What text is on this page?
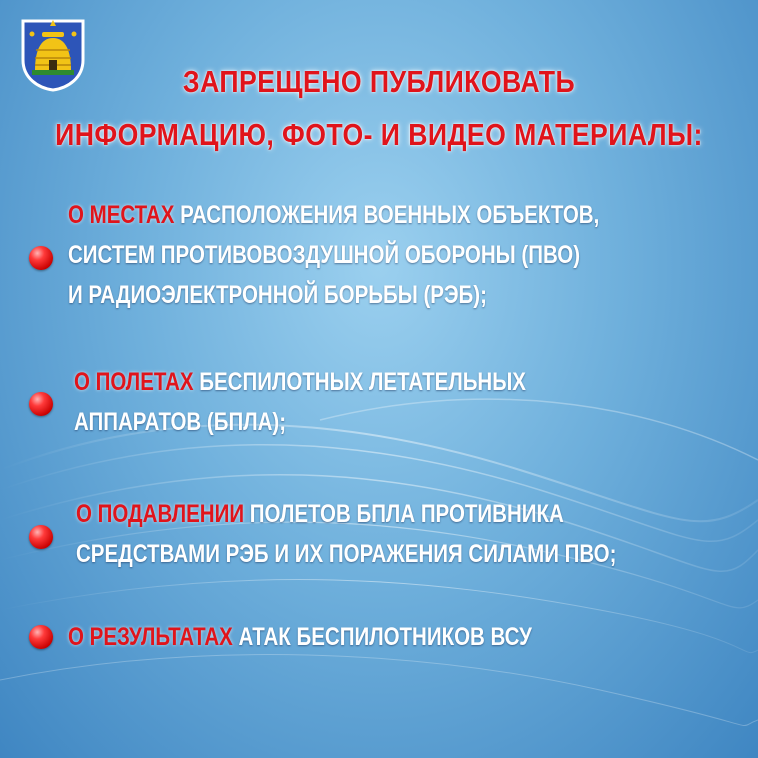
ЗАПРЕЩЕНО ПУБЛИКОВАТЬ
ИНФОРМАЦИЮ, ФОТО- И ВИДЕО МАТЕРИАЛЫ:
О МЕСТАХ РАСПОЛОЖЕНИЯ ВОЕННЫХ ОБЪЕКТОВ,
СИСТЕМ ПРОТИВОВОЗДУШНОЙ ОБОРОНЫ (ПВО)
И РАДИОЭЛЕКТРОННОЙ БОРЬБЫ (РЭБ);
О ПОЛЕТАХ БЕСПИЛОТНЫХ ЛЕТАТЕЛЬНЫХ
АППАРАТОВ (БПЛА);
О ПОДАВЛЕНИИ ПОЛЕТОВ БПЛА ПРОТИВНИКА
СРЕДСТВАМИ РЭБ И ИХ ПОРАЖЕНИЯ СИЛАМИ ПВО;
О РЕЗУЛЬТАТАХ АТАК БЕСПИЛОТНИКОВ ВСУ
